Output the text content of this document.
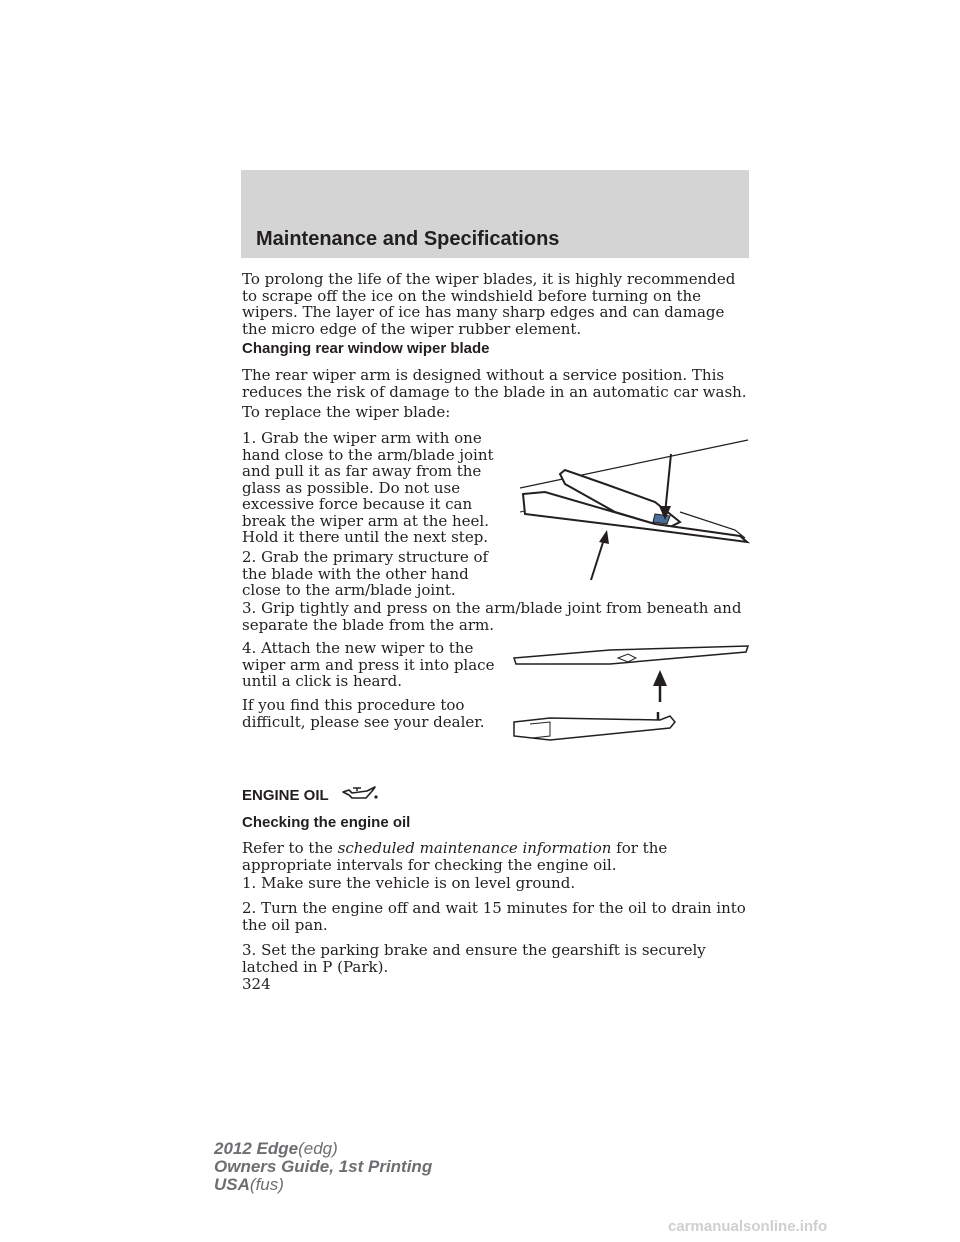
Maintenance and Specifications
To prolong the life of the wiper blades, it is highly recommended to scrape off the ice on the windshield before turning on the wipers. The layer of ice has many sharp edges and can damage the micro edge of the wiper rubber element.
Changing rear window wiper blade
The rear wiper arm is designed without a service position. This reduces the risk of damage to the blade in an automatic car wash.
To replace the wiper blade:
1. Grab the wiper arm with one hand close to the arm/blade joint and pull it as far away from the glass as possible. Do not use excessive force because it can break the wiper arm at the heel. Hold it there until the next step.
2. Grab the primary structure of the blade with the other hand close to the arm/blade joint.
3. Grip tightly and press on the arm/blade joint from beneath and separate the blade from the arm.
4. Attach the new wiper to the wiper arm and press it into place until a click is heard.
If you find this procedure too difficult, please see your dealer.
ENGINE OIL
Checking the engine oil
Refer to the scheduled maintenance information for the appropriate intervals for checking the engine oil.
1. Make sure the vehicle is on level ground.
2. Turn the engine off and wait 15 minutes for the oil to drain into the oil pan.
3. Set the parking brake and ensure the gearshift is securely latched in P (Park).
324
2012 Edge(edg)
Owners Guide, 1st Printing
USA(fus)
carmanualsonline.info
